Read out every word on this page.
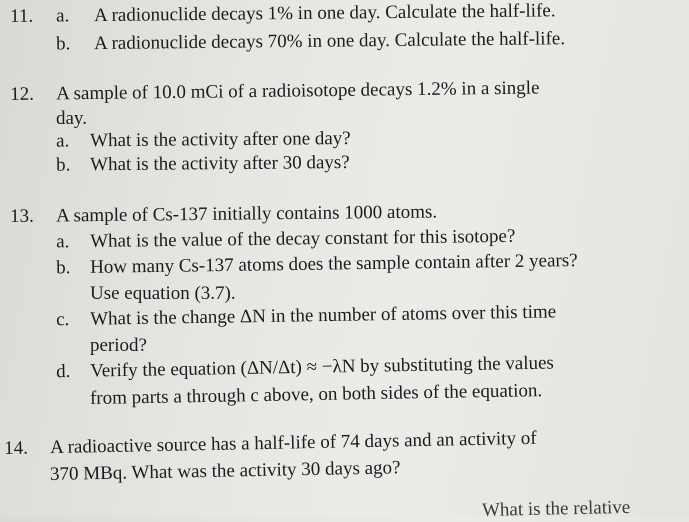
11. a. A radionuclide decays 1% in one day. Calculate the half-life.
b. A radionuclide decays 70% in one day. Calculate the half-life.
12. A sample of 10.0 mCi of a radioisotope decays 1.2% in a single
day.
a. What is the activity after one day?
b. What is the activity after 30 days?
13. A sample of Cs-137 initially contains 1000 atoms.
a. What is the value of the decay constant for this isotope?
b. How many Cs-137 atoms does the sample contain after 2 years?
Use equation (3.7).
c. What is the change ΔN in the number of atoms over this time
period?
d. Verify the equation (ΔN/Δt) ≈ −λN by substituting the values
from parts a through c above, on both sides of the equation.
14. A radioactive source has a half-life of 74 days and an activity of
370 MBq. What was the activity 30 days ago?
What is the relative
